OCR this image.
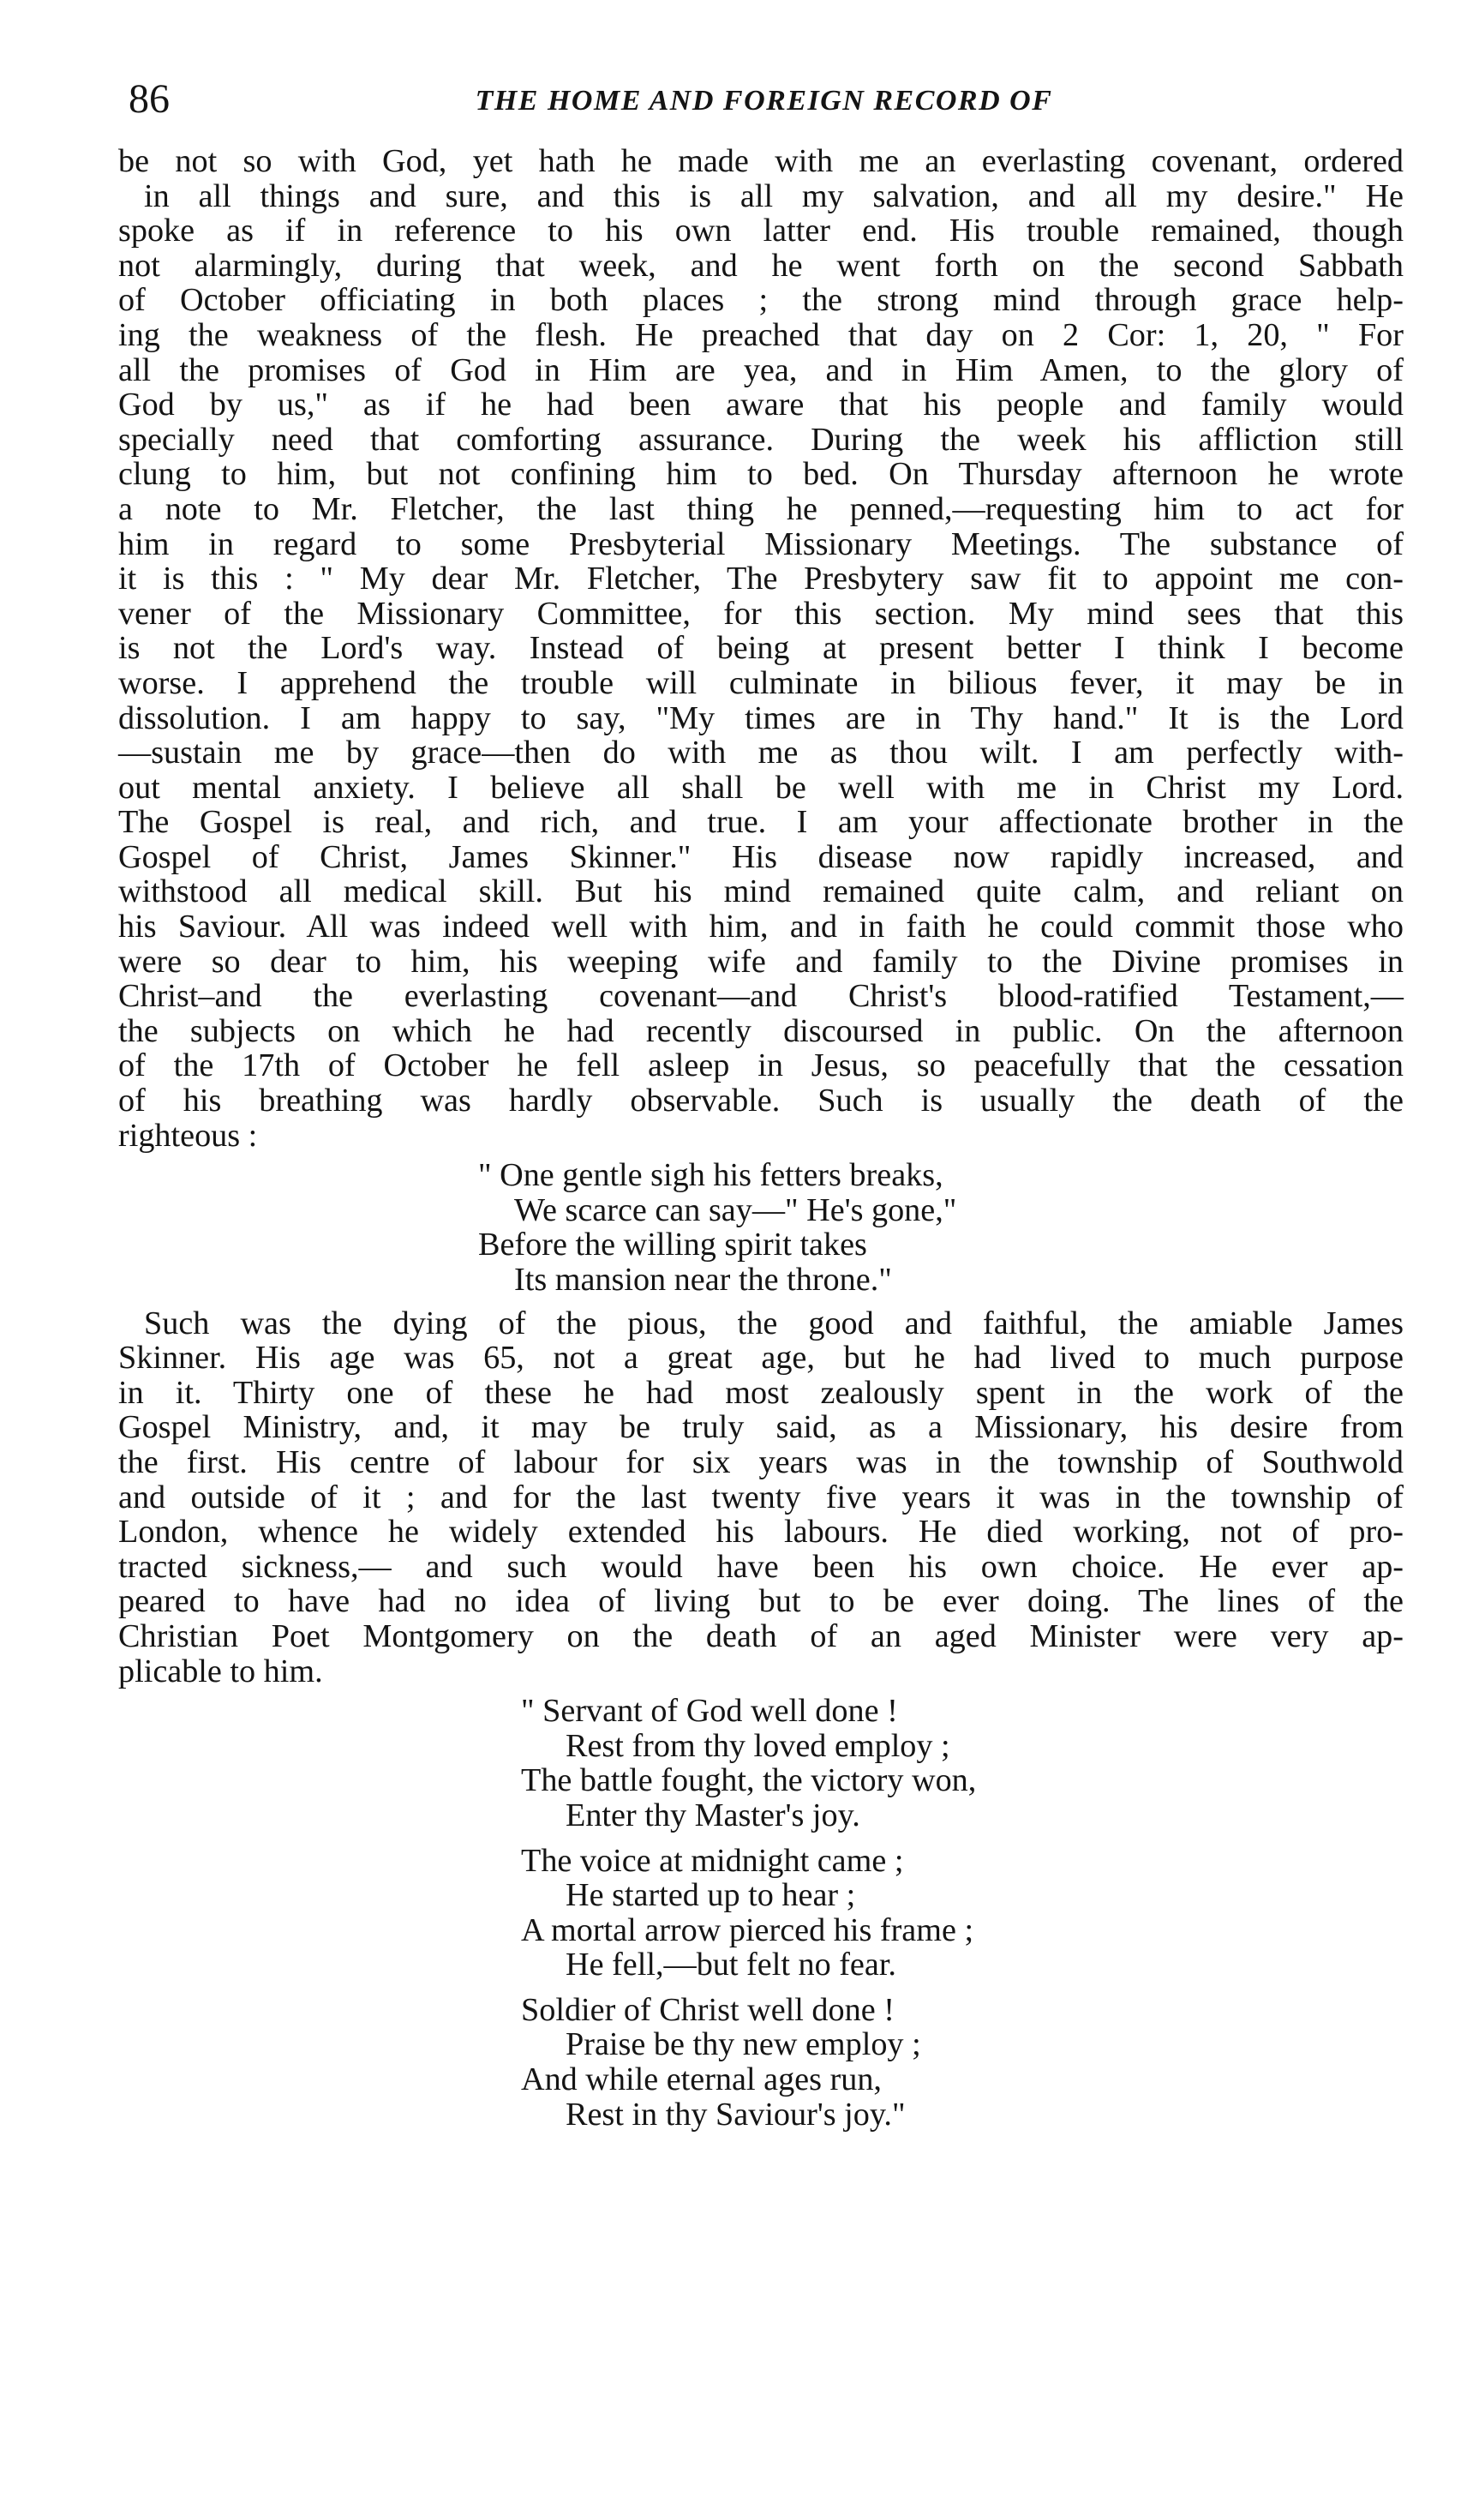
86	THE HOME AND FOREIGN RECORD OF

be not so with God, yet hath he made with me an everlasting covenant, ordered
in all things and sure, and this is all my salvation, and all my desire." He
spoke as if in reference to his own latter end. His trouble remained, though
not alarmingly, during that week, and he went forth on the second Sabbath
of October officiating in both places ; the strong mind through grace help-
ing the weakness of the flesh. He preached that day on 2 Cor: 1, 20, " For
all the promises of God in Him are yea, and in Him Amen, to the glory of
God by us," as if he had been aware that his people and family would
specially need that comforting assurance. During the week his affliction still
clung to him, but not confining him to bed. On Thursday afternoon he wrote
a note to Mr. Fletcher, the last thing he penned,—requesting him to act for
him in regard to some Presbyterial Missionary Meetings. The substance of
it is this : " My dear Mr. Fletcher, The Presbytery saw fit to appoint me con-
vener of the Missionary Committee, for this section. My mind sees that this
is not the Lord's way. Instead of being at present better I think I become
worse. I apprehend the trouble will culminate in bilious fever, it may be in
dissolution. I am happy to say, "My times are in Thy hand." It is the Lord
—sustain me by grace—then do with me as thou wilt. I am perfectly with-
out mental anxiety. I believe all shall be well with me in Christ my Lord.
The Gospel is real, and rich, and true. I am your affectionate brother in the
Gospel of Christ, James Skinner." His disease now rapidly increased, and
withstood all medical skill. But his mind remained quite calm, and reliant on
his Saviour. All was indeed well with him, and in faith he could commit those who
were so dear to him, his weeping wife and family to the Divine promises in
Christ–and the everlasting covenant—and Christ's blood-ratified Testament,—
the subjects on which he had recently discoursed in public. On the afternoon
of the 17th of October he fell asleep in Jesus, so peacefully that the cessation
of his breathing was hardly observable. Such is usually the death of the
righteous :

" One gentle sigh his fetters breaks,
We scarce can say—" He's gone,"
Before the willing spirit takes
Its mansion near the throne."

Such was the dying of the pious, the good and faithful, the amiable James
Skinner. His age was 65, not a great age, but he had lived to much purpose
in it. Thirty one of these he had most zealously spent in the work of the
Gospel Ministry, and, it may be truly said, as a Missionary, his desire from
the first. His centre of labour for six years was in the township of Southwold
and outside of it ; and for the last twenty five years it was in the township of
London, whence he widely extended his labours. He died working, not of pro-
tracted sickness,— and such would have been his own choice. He ever ap-
peared to have had no idea of living but to be ever doing. The lines of the
Christian Poet Montgomery on the death of an aged Minister were very ap-
plicable to him.

" Servant of God well done !
Rest from thy loved employ ;
The battle fought, the victory won,
Enter thy Master's joy.
The voice at midnight came ;
He started up to hear ;
A mortal arrow pierced his frame ;
He fell,—but felt no fear.
Soldier of Christ well done !
Praise be thy new employ ;
And while eternal ages run,
Rest in thy Saviour's joy."
